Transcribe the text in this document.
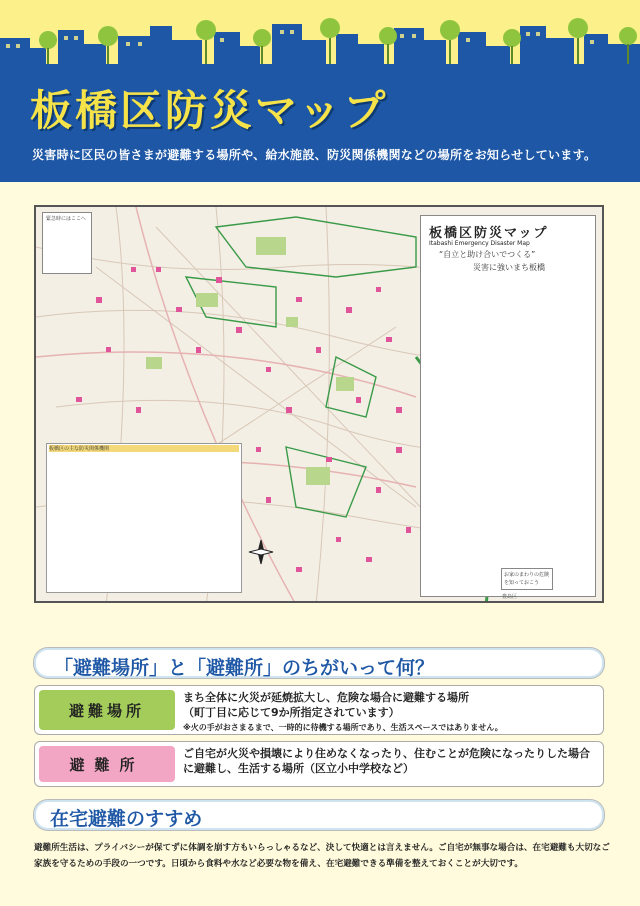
板橋区防災マップ
災害時に区民の皆さまが避難する場所や、給水施設、防災関係機関などの場所をお知らせしています。
板橋区防災マップ
Itabashi Emergency Disaster Map
“自立と助け合いでつくる”
災害に強いまち板橋
緊急時にはここへ
板橋区の主な防災関係機関
お家のまわりの危険を知っておこう
豊島区
「避難場所」と「避難所」のちがいって何？
避難場所
まち全体に火災が延焼拡大し、危険な場合に避難する場所
（町丁目に応じて9か所指定されています）
※火の手がおさまるまで、一時的に待機する場所であり、生活スペースではありません。
避難所
ご自宅が火災や損壊により住めなくなったり、住むことが危険になったりした場合
に避難し、生活する場所（区立小中学校など）
在宅避難のすすめ
避難所生活は、プライバシーが保てずに体調を崩す方もいらっしゃるなど、決して快適とは言えません。ご自宅が無事な場合は、在宅避難も大切なご家族を守るための手段の一つです。日頃から食料や水など必要な物を備え、在宅避難できる準備を整えておくことが大切です。
